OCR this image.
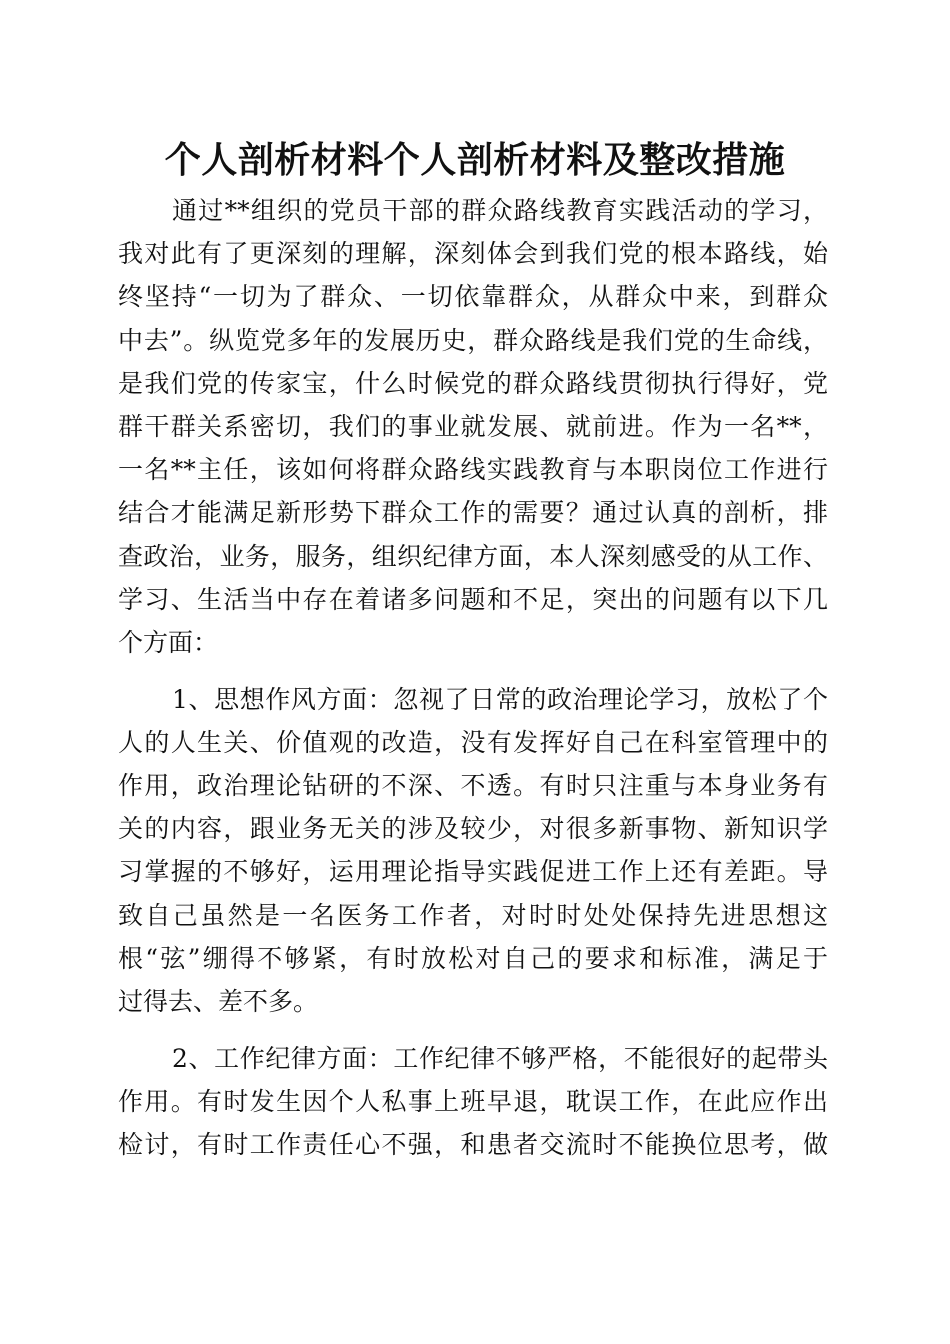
个人剖析材料个人剖析材料及整改措施
通过**组织的党员干部的群众路线教育实践活动的学习，
我对此有了更深刻的理解，深刻体会到我们党的根本路线，始
终坚持“一切为了群众、一切依靠群众，从群众中来，到群众
中去”。纵览党多年的发展历史，群众路线是我们党的生命线，
是我们党的传家宝，什么时候党的群众路线贯彻执行得好，党
群干群关系密切，我们的事业就发展、就前进。作为一名**，
一名**主任，该如何将群众路线实践教育与本职岗位工作进行
结合才能满足新形势下群众工作的需要？通过认真的剖析，排
查政治，业务，服务，组织纪律方面，本人深刻感受的从工作、
学习、生活当中存在着诸多问题和不足，突出的问题有以下几
个方面：
1、思想作风方面：忽视了日常的政治理论学习，放松了个
人的人生关、价值观的改造，没有发挥好自己在科室管理中的
作用，政治理论钻研的不深、不透。有时只注重与本身业务有
关的内容，跟业务无关的涉及较少，对很多新事物、新知识学
习掌握的不够好，运用理论指导实践促进工作上还有差距。导
致自己虽然是一名医务工作者，对时时处处保持先进思想这
根“弦”绷得不够紧，有时放松对自己的要求和标准，满足于
过得去、差不多。
2、工作纪律方面：工作纪律不够严格，不能很好的起带头
作用。有时发生因个人私事上班早退，耽误工作，在此应作出
检讨，有时工作责任心不强，和患者交流时不能换位思考，做
